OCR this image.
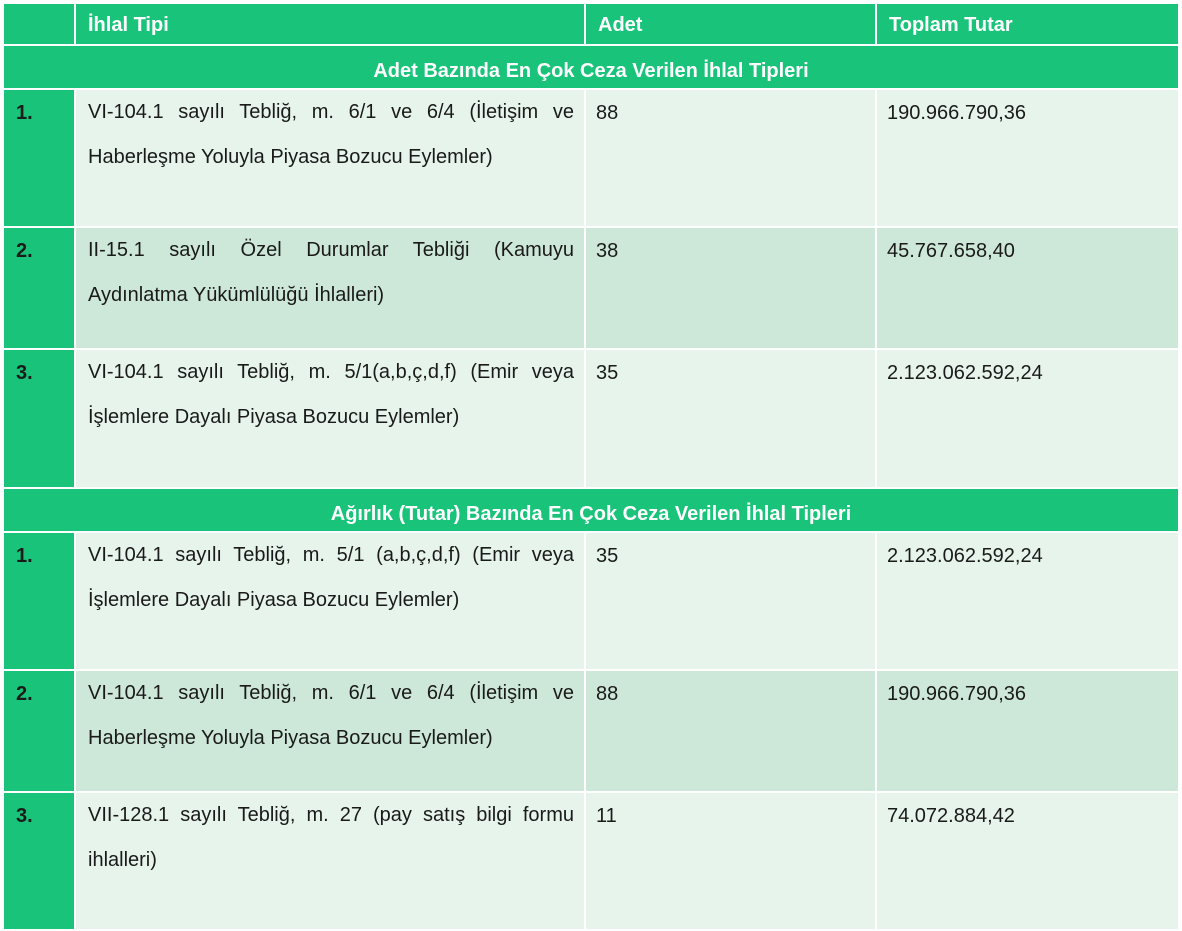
	İhlal Tipi	Adet	Toplam Tutar
Adet Bazında En Çok Ceza Verilen İhlal Tipleri			
1.	VI-104.1 sayılı Tebliğ, m. 6/1 ve 6/4 (İletişim ve Haberleşme Yoluyla Piyasa Bozucu Eylemler)	88	190.966.790,36
2.	II-15.1 sayılı Özel Durumlar Tebliği (Kamuyu Aydınlatma Yükümlülüğü İhlalleri)	38	45.767.658,40
3.	VI-104.1 sayılı Tebliğ, m. 5/1(a,b,ç,d,f) (Emir veya İşlemlere Dayalı Piyasa Bozucu Eylemler)	35	2.123.062.592,24
Ağırlık (Tutar) Bazında En Çok Ceza Verilen İhlal Tipleri			
1.	VI-104.1 sayılı Tebliğ, m. 5/1 (a,b,ç,d,f) (Emir veya İşlemlere Dayalı Piyasa Bozucu Eylemler)	35	2.123.062.592,24
2.	VI-104.1 sayılı Tebliğ, m. 6/1 ve 6/4 (İletişim ve Haberleşme Yoluyla Piyasa Bozucu Eylemler)	88	190.966.790,36
3.	VII-128.1 sayılı Tebliğ, m. 27 (pay satış bilgi formu ihlalleri)	11	74.072.884,42
